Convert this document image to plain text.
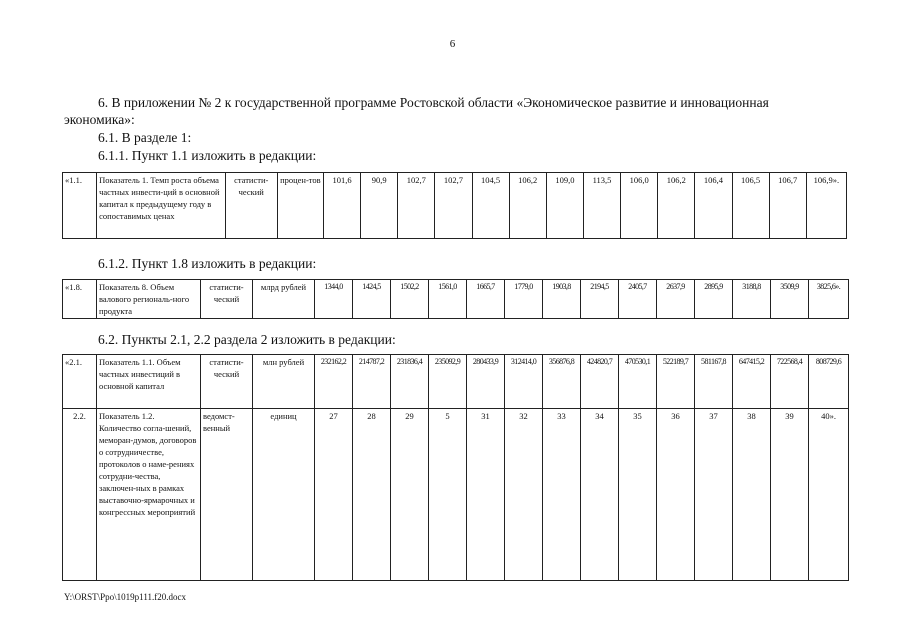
6
6. В приложении № 2 к государственной программе Ростовской области «Экономическое развитие и инновационная
экономика»:
6.1. В разделе 1:
6.1.1. Пункт 1.1 изложить в редакции:
«1.1.	Показатель 1. Темп роста объема частных инвести-ций в основной капитал к предыдущему году в сопоставимых ценах	статисти-ческий	процен-тов	101,6	90,9	102,7	102,7	104,5	106,2	109,0	113,5	106,0	106,2	106,4	106,5	106,7	106,9».
6.1.2. Пункт 1.8 изложить в редакции:
«1.8.	Показатель 8. Объем валового региональ-ного продукта	статисти-ческий	млрд рублей	1344,0	1424,5	1502,2	1561,0	1665,7	1779,0	1903,8	2194,5	2405,7	2637,9	2895,9	3188,8	3509,9	3825,6».
6.2. Пункты 2.1, 2.2 раздела 2 изложить в редакции:
«2.1.	Показатель 1.1. Объем частных инвестиций в основной капитал	статисти-ческий	млн рублей	232162,2	214787,2	231836,4	235092,9	280433,9	312414,0	356876,8	424820,7	470530,1	522189,7	581167,8	647415,2	722568,4	808729,6
2.2.	Показатель 1.2. Количество согла-шений, меморан-думов, договоров о сотрудничестве, протоколов о наме-рениях сотрудни-чества, заключен-ных в рамках выставочно-ярмарочных и конгрессных мероприятий	ведомст-венный	единиц	27	28	29	5	31	32	33	34	35	36	37	38	39	40».
Y:\ORST\Ppo\1019p111.f20.docx
